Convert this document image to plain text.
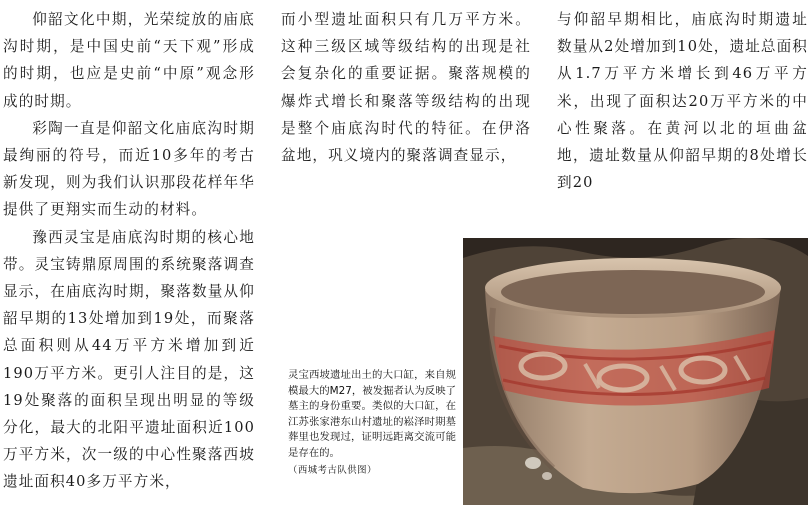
仰韶文化中期，光荣绽放的庙底沟时期，是中国史前“天下观”形成的时期，也应是史前“中原”观念形成的时期。

彩陶一直是仰韶文化庙底沟时期最绚丽的符号，而近10多年的考古新发现，则为我们认识那段花样年华提供了更翔实而生动的材料。

豫西灵宝是庙底沟时期的核心地带。灵宝铸鼎原周围的系统聚落调查显示，在庙底沟时期，聚落数量从仰韶早期的13处增加到19处，而聚落总面积则从44万平方米增加到近190万平方米。更引人注目的是，这19处聚落的面积呈现出明显的等级分化，最大的北阳平遗址面积近100万平方米，次一级的中心性聚落西坡遗址面积40多万平方米，

而小型遗址面积只有几万平方米。这种三级区域等级结构的出现是社会复杂化的重要证据。聚落规模的爆炸式增长和聚落等级结构的出现是整个庙底沟时代的特征。在伊洛盆地，巩义境内的聚落调查显示，

与仰韶早期相比，庙底沟时期遗址数量从2处增加到10处，遗址总面积从1.7万平方米增长到46万平方米，出现了面积达20万平方米的中心性聚落。在黄河以北的垣曲盆地，遗址数量从仰韶早期的8处增长到20

灵宝西坡遗址出土的大口缸，来自规模最大的M27，被发掘者认为反映了墓主的身份重要。类似的大口缸，在江苏张家港东山村遗址的崧泽时期墓葬里也发现过，证明远距离交流可能是存在的。
（西城考古队供图）
